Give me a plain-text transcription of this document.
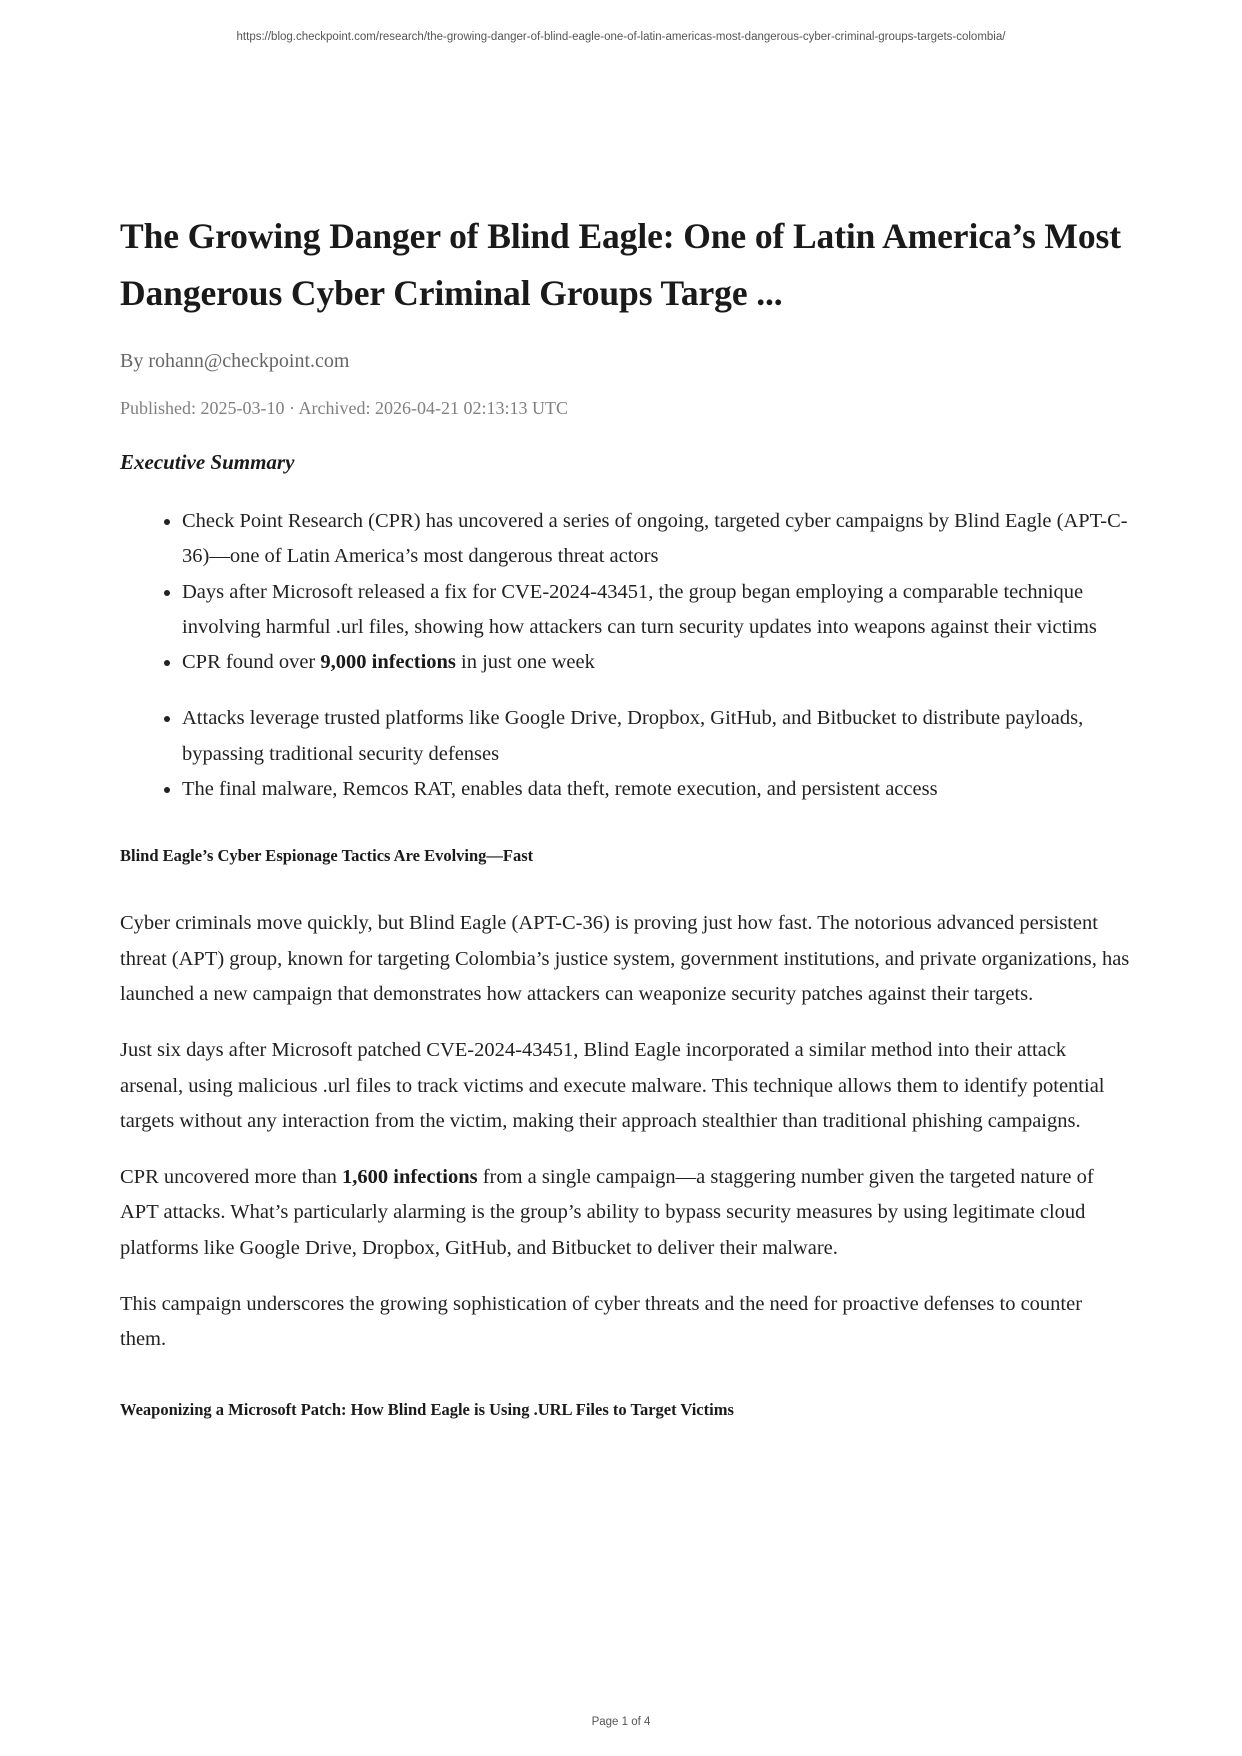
https://blog.checkpoint.com/research/the-growing-danger-of-blind-eagle-one-of-latin-americas-most-dangerous-cyber-criminal-groups-targets-colombia/
The Growing Danger of Blind Eagle: One of Latin America’s Most
Dangerous Cyber Criminal Groups Targe ...
By rohann@checkpoint.com
Published: 2025-03-10 · Archived: 2026-04-21 02:13:13 UTC
Executive Summary
• Check Point Research (CPR) has uncovered a series of ongoing, targeted cyber campaigns by Blind Eagle (APT-C-36)—one of Latin America’s most dangerous threat actors
• Days after Microsoft released a fix for CVE-2024-43451, the group began employing a comparable technique involving harmful .url files, showing how attackers can turn security updates into weapons against their victims
• CPR found over 9,000 infections in just one week
• Attacks leverage trusted platforms like Google Drive, Dropbox, GitHub, and Bitbucket to distribute payloads, bypassing traditional security defenses
• The final malware, Remcos RAT, enables data theft, remote execution, and persistent access
Blind Eagle’s Cyber Espionage Tactics Are Evolving—Fast

Cyber criminals move quickly, but Blind Eagle (APT-C-36) is proving just how fast. The notorious advanced persistent threat (APT) group, known for targeting Colombia’s justice system, government institutions, and private organizations, has launched a new campaign that demonstrates how attackers can weaponize security patches against their targets.

Just six days after Microsoft patched CVE-2024-43451, Blind Eagle incorporated a similar method into their attack arsenal, using malicious .url files to track victims and execute malware. This technique allows them to identify potential targets without any interaction from the victim, making their approach stealthier than traditional phishing campaigns.

CPR uncovered more than 1,600 infections from a single campaign—a staggering number given the targeted nature of APT attacks. What’s particularly alarming is the group’s ability to bypass security measures by using legitimate cloud platforms like Google Drive, Dropbox, GitHub, and Bitbucket to deliver their malware.

This campaign underscores the growing sophistication of cyber threats and the need for proactive defenses to counter them.

Weaponizing a Microsoft Patch: How Blind Eagle is Using .URL Files to Target Victims
Page 1 of 4
